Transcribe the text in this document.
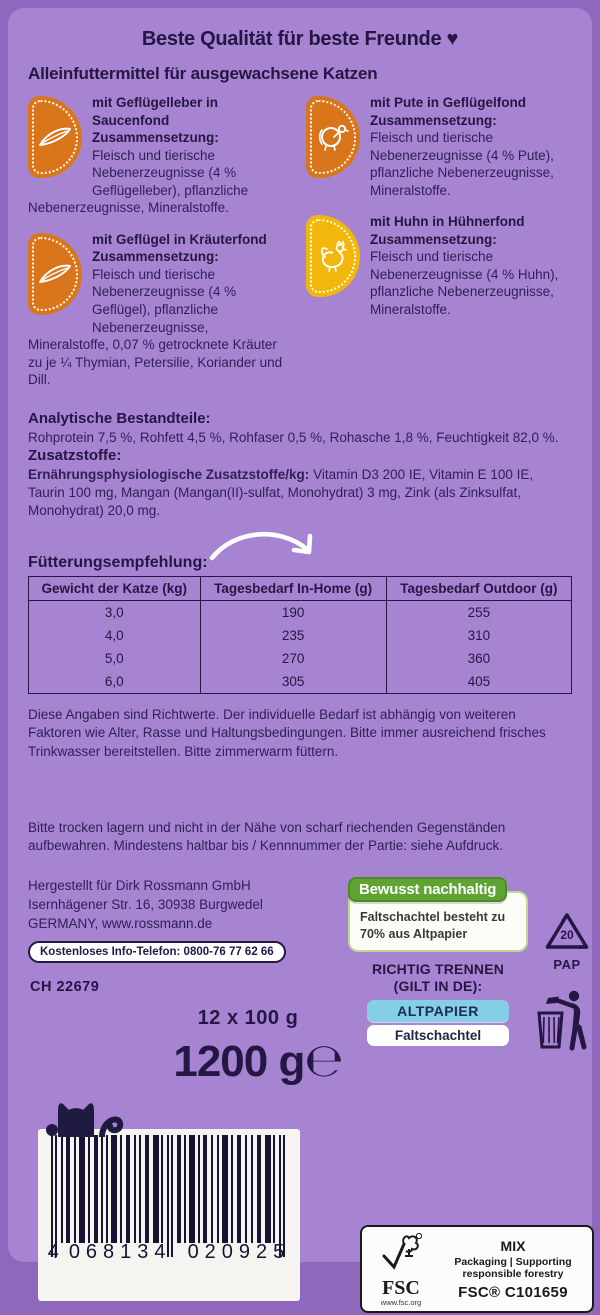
Beste Qualität für beste Freunde ♥
Alleinfuttermittel für ausgewachsene Katzen
mit Geflügelleber in Saucenfond
Zusammensetzung:
Fleisch und tierische Nebenerzeugnisse (4 % Geflügelleber), pflanzliche Nebenerzeugnisse, Mineralstoffe.
mit Geflügel in Kräuterfond
Zusammensetzung:
Fleisch und tierische Nebenerzeugnisse (4 % Geflügel), pflanzliche Nebenerzeugnisse, Mineralstoffe, 0,07 % getrocknete Kräuter zu je ¼ Thymian, Petersilie, Koriander und Dill.
mit Pute in Geflügelfond
Zusammensetzung:
Fleisch und tierische Nebenerzeugnisse (4 % Pute), pflanzliche Nebenerzeugnisse, Mineralstoffe.
mit Huhn in Hühnerfond
Zusammensetzung:
Fleisch und tierische Nebenerzeugnisse (4 % Huhn), pflanzliche Nebenerzeugnisse, Mineralstoffe.
Analytische Bestandteile:

Rohprotein 7,5 %, Rohfett 4,5 %, Rohfaser 0,5 %, Rohasche 1,8 %, Feuchtigkeit 82,0 %.

Zusatzstoffe:

Ernährungsphysiologische Zusatzstoffe/kg: Vitamin D3 200 IE, Vitamin E 100 IE, Taurin 100 mg, Mangan (Mangan(II)-sulfat, Monohydrat) 3 mg, Zink (als Zinksulfat, Monohydrat) 20,0 mg.

Fütterungsempfehlung:
Gewicht der Katze (kg)	Tagesbedarf In-Home (g)	Tagesbedarf Outdoor (g)
3,0	190	255
4,0	235	310
5,0	270	360
6,0	305	405
Diese Angaben sind Richtwerte. Der individuelle Bedarf ist abhängig von weiteren Faktoren wie Alter, Rasse und Haltungsbedingungen. Bitte immer ausreichend frisches Trinkwasser bereitstellen. Bitte zimmerwarm füttern.
Bitte trocken lagern und nicht in der Nähe von scharf riechenden Gegenständen aufbewahren. Mindestens haltbar bis / Kennnummer der Partie: siehe Aufdruck.
Hergestellt für Dirk Rossmann GmbH
Isernhägener Str. 16, 30938 Burgwedel
GERMANY, www.rossmann.de
Kostenloses Info-Telefon: 0800-76 77 62 66
CH 22679
Bewusst nachhaltig
Faltschachtel besteht zu 70% aus Altpapier
RICHTIG TRENNEN
(GILT IN DE):
ALTPAPIER
Faltschachtel
20
PAP
12 x 100 g
1200 g℮
4 068134 020925
FSC
www.fsc.org
MIX
Packaging | Supporting
responsible forestry
FSC® C101659
